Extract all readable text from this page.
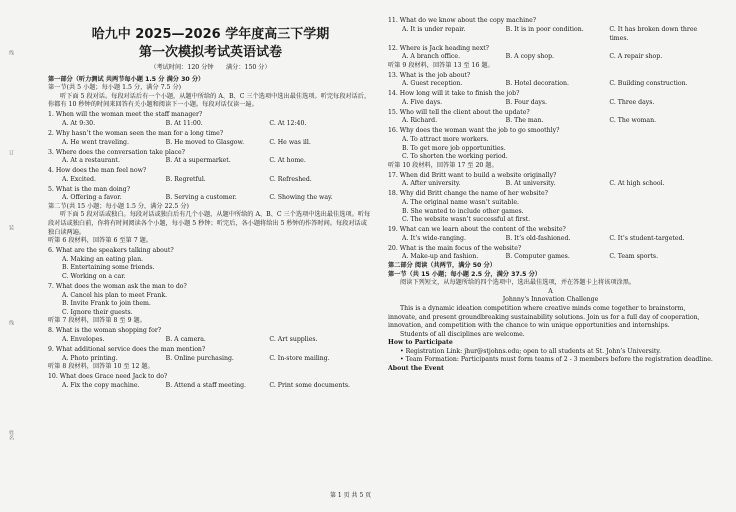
线
订
装
线
姓名
哈九中 2025—2026 学年度高三下学期
第一次模拟考试英语试卷
（考试时间：120 分钟　　满分：150 分）
第一部分（听力测试 共两节每小题 1.5 分 满分 30 分）
第一节(共 5 小题；每小题 1.5 分，满分 7.5 分)
听下面 5 段对话。每段对话后有一个小题，从题中所给的 A、B、C 三个选项中选出最佳选项。听完每段对话后，你都有 10 秒钟的时间来回答有关小题和阅读下一小题。每段对话仅读一遍。
1. When will the woman meet the staff manager?
A. At 9:30.	B. At 11:00.	C. At 12:40.
2. Why hasn’t the woman seen the man for a long time?
A. He went traveling.	B. He moved to Glasgow.	C. He was ill.
3. Where does the conversation take place?
A. At a restaurant.	B. At a supermarket.	C. At home.
4. How does the man feel now?
A. Excited.	B. Regretful.	C. Refreshed.
5. What is the man doing?
A. Offering a favor.	B. Serving a customer.	C. Showing the way.
第二节(共 15 小题；每小题 1.5 分，满分 22.5 分)
听下面 5 段对话或独白。每段对话或独白后有几个小题，从题中所给的 A、B、C 三个选项中选出最佳选项。听每段对话或独白前，你将有时间阅读各个小题，每小题 5 秒钟；听完后，各小题将给出 5 秒钟的作答时间。每段对话或独白读两遍。
听第 6 段材料，回答第 6 至第 7 题。
6. What are the speakers talking about?
A. Making an eating plan.
B. Entertaining some friends.
C. Working on a car.
7. What does the woman ask the man to do?
A. Cancel his plan to meet Frank.
B. Invite Frank to join them.
C. Ignore their guests.
听第 7 段材料，回答第 8 至 9 题。
8. What is the woman shopping for?
A. Envelopes.	B. A camera.	C. Art supplies.
9. What additional service does the man mention?
A. Photo printing.	B. Online purchasing.	C. In-store mailing.
听第 8 段材料，回答第 10 至 12 题。
10. What does Grace need Jack to do?
A. Fix the copy machine.	B. Attend a staff meeting.	C. Print some documents.
11. What do we know about the copy machine?
A. It is under repair.	B. It is in poor condition.	C. It has broken down three times.
12. Where is Jack heading next?
A. A branch office.	B. A copy shop.	C. A repair shop.
听第 9 段材料，回答第 13 至 16 题。
13. What is the job about?
A. Guest reception.	B. Hotel decoration.	C. Building construction.
14. How long will it take to finish the job?
A. Five days.	B. Four days.	C. Three days.
15. Who will tell the client about the update?
A. Richard.	B. The man.	C. The woman.
16. Why does the woman want the job to go smoothly?
A. To attract more workers.
B. To get more job opportunities.
C. To shorten the working period.
听第 10 段材料，回答第 17 至 20 题。
17. When did Britt want to build a website originally?
A. After university.	B. At university.	C. At high school.
18. Why did Britt change the name of her website?
A. The original name wasn’t suitable.
B. She wanted to include other games.
C. The website wasn’t successful at first.
19. What can we learn about the content of the website?
A. It’s wide-ranging.	B. It’s old-fashioned.	C. It’s student-targeted.
20. What is the main focus of the website?
A. Make-up and fashion.	B. Computer games.	C. Team sports.
第二部分 阅读（共两节，满分 50 分）
第一节（共 15 小题；每小题 2.5 分，满分 37.5 分）
阅读下列短文，从每题所给的四个选项中，选出最佳选项，并在答题卡上将该项涂黑。
A
Johnny's Innovation Challenge
This is a dynamic ideation competition where creative minds come together to brainstorm, innovate, and present groundbreaking sustainability solutions. Join us for a full day of cooperation, innovation, and competition with the chance to win unique opportunities and internships.
Students of all disciplines are welcome.
How to Participate
• Registration Link: jhur@stjohns.edu; open to all students at St. John’s University.
• Team Formation: Participants must form teams of 2 - 3 members before the registration deadline.
About the Event
第 1 页 共 5 页
